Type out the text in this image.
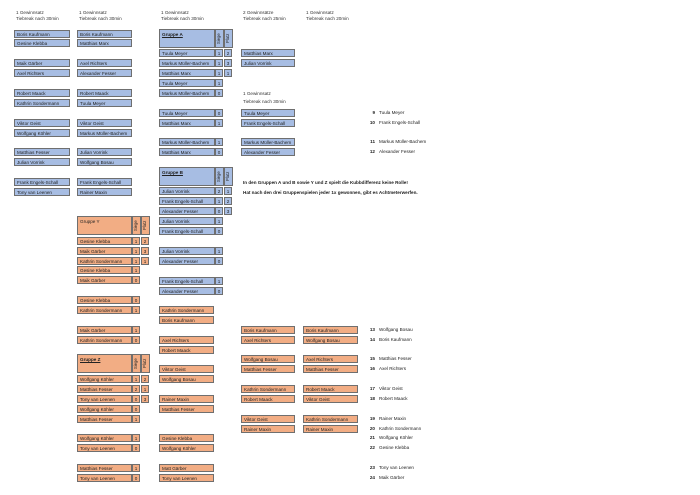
1 Gewinnsatz
Tiebreak nach 30min
1 Gewinnsatz
Tiebreak nach 30min
1 Gewinnsatz
Tiebreak nach 30min
2 Gewinnsätze
Tiebreak nach 25min
1 Gewinnsatz
Tiebreak nach 20min
Boris Kaufmann
Gesine Klebba
Maik Gärber
Axel Richters
Robert Maack
Kathrin Sondermann
Viktor Geist
Wolfgang Köhler
Matthias Fesser
Julian Vorrink
Frank Engels-Schall
Tony van Leenen
Boris Kaufmann
Matthias Marx
Axel Richters
Alexander Fesser
Robert Maack
Tuula Meyer
Viktor Geist
Markus Müller-Bachem
Julian Vorrink
Wolfgang Bosau
Frank Engels-Schall
Rainer Maxin
Gruppe A	Siege Platz
Tuula Meyer	1	2
Markus Müller-Bachem	1	3
Matthias Marx	1	1
Tuula Meyer	1
Markus Müller-Bachem	0
Tuula Meyer	0
Matthias Marx	1
Markus Müller-Bachem	1
Matthias Marx	0
Gruppe B	Siege Platz
Julian Vorrink	2	1
Frank Engels-Schall	1	2
Alexander Fesser	0	3
Julian Vorrink	1
Frank Engels-Schall	0
Julian Vorrink	1
Alexander Fesser	0
Frank Engels-Schall	1
Alexander Fesser	0
Gruppe Y	Siege Platz
Gesine Klebba	1	2
Maik Gärber	1	3
Kathrin Sondermann	1	1
Gesine Klebba	1
Maik Gärber	0
Gesine Klebba	0
Kathrin Sondermann	1
Maik Gärber	1
Kathrin Sondermann	0
Gruppe Z	Siege Platz
Wolfgang Köhler	1	2
Matthias Fesser	2	1
Tony van Leenen	0	3
Wolfgang Köhler	0
Matthias Fesser	1
Wolfgang Köhler	1
Tony van Leenen	0
Matthias Fesser	1
Tony van Leenen	0
Kathrin Sondermann
Boris Kaufmann
Axel Richters
Robert Maack
Viktor Geist
Wolfgang Bosau
Rainer Maxin
Matthias Fesser
Gesine Klebba
Wolfgang Köhler
Matt Gärber
Tony van Leenen
Matthias Marx
Julian Vorrink
1 Gewinnsatz
Tiebreak nach 30min
Tuula Meyer
Frank Engels-Schall
Markus Müller-Bachem
Alexander Fesser
Boris Kaufmann
Axel Richters
Wolfgang Bosau
Matthias Fesser
Kathrin Sondermann
Robert Maack
Viktor Geist
Rainer Maxin
Boris Kaufmann
Wolfgang Bosau
Axel Richters
Matthias Fesser
Robert Maack
Viktor Geist
Kathrin Sondermann
Rainer Maxin
In den Gruppen A und B sowie Y und Z spielt die Kubbdifferenz keine Rolle!
Hat nach den drei Gruppenspielen jeder 1x gewonnen, gibt es Achtmeterwerfen.
9 Tuula Meyer
10 Frank Engels-Schall
11 Markus Müller-Bachem
12 Alexander Fesser
13 Wolfgang Bosau
14 Boris Kaufmann
15 Matthias Fesser
16 Axel Richters
17 Viktor Geist
18 Robert Maack
19 Rainer Maxin
20 Kathrin Sondermann
21 Wolfgang Köhler
22 Gesine Klebba
23 Tony van Leenen
24 Maik Gärber
